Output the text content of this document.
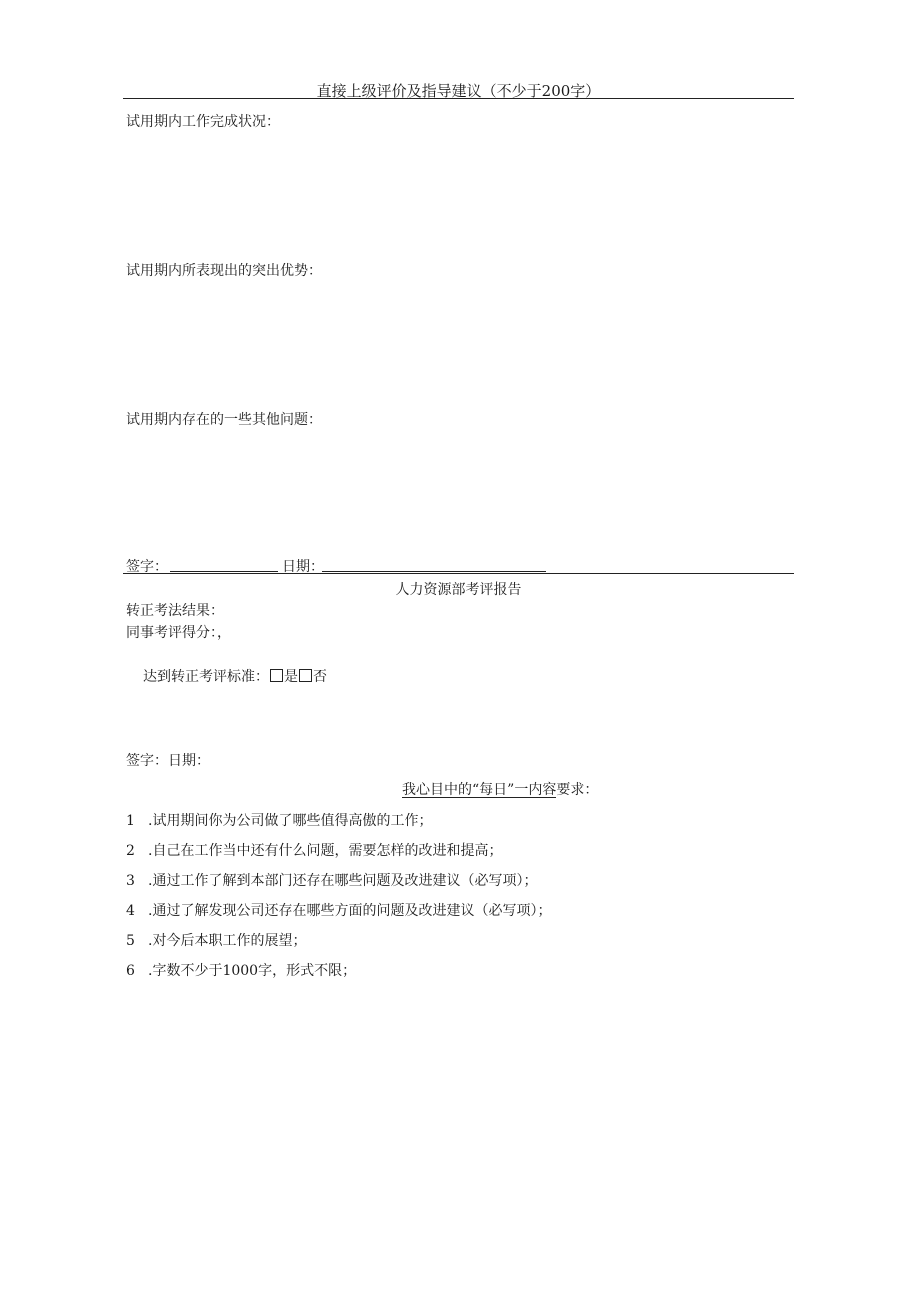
直接上级评价及指导建议（不少于200字）
试用期内工作完成状况：
试用期内所表现出的突出优势：
试用期内存在的一些其他问题：
签字：	日期：
人力资源部考评报告
转正考法结果：
同事考评得分：，
达到转正考评标准： 是 否
签字：日期：
我心目中的“每日”一内容要求：
1 .试用期间你为公司做了哪些值得高傲的工作；
2 .自己在工作当中还有什么问题，需要怎样的改进和提高；
3 .通过工作了解到本部门还存在哪些问题及改进建议（必写项）；
4 .通过了解发现公司还存在哪些方面的问题及改进建议（必写项）；
5 .对今后本职工作的展望；
6 .字数不少于1000字，形式不限；
